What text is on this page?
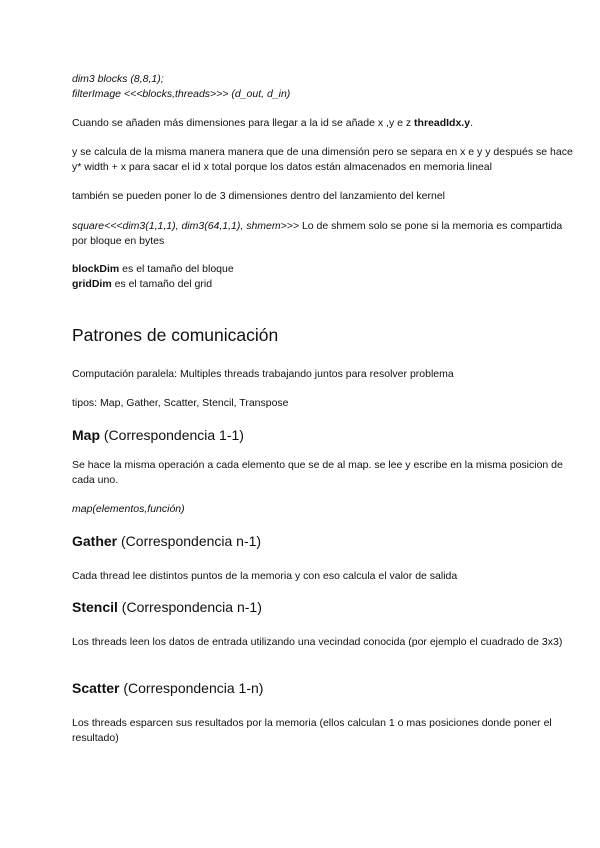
dim3 blocks (8,8,1);

filterImage <<<blocks,threads>>> (d_out, d_in)

Cuando se añaden más dimensiones para llegar a la id se añade x ,y e z threadIdx.y.

y se calcula de la misma manera manera que de una dimensión pero se separa en x e y y después se hace y* width + x para sacar el id x total porque los datos están almacenados en memoria lineal

también se pueden poner lo de 3 dimensiones dentro del lanzamiento del kernel

square<<<dim3(1,1,1), dim3(64,1,1), shmem>>> Lo de shmem solo se pone si la memoria es compartida por bloque en bytes

blockDim es el tamaño del bloque

gridDim es el tamaño del grid

Patrones de comunicación

Computación paralela: Multiples threads trabajando juntos para resolver problema

tipos: Map, Gather, Scatter, Stencil, Transpose

Map (Correspondencia 1-1)

Se hace la misma operación a cada elemento que se de al map. se lee y escribe en la misma posicion de cada uno.

map(elementos,función)

Gather (Correspondencia n-1)

Cada thread lee distintos puntos de la memoria y con eso calcula el valor de salida

Stencil (Correspondencia n-1)

Los threads leen los datos de entrada utilizando una vecindad conocida (por ejemplo el cuadrado de 3x3)

Scatter (Correspondencia 1-n)

Los threads esparcen sus resultados por la memoria (ellos calculan 1 o mas posiciones donde poner el resultado)
